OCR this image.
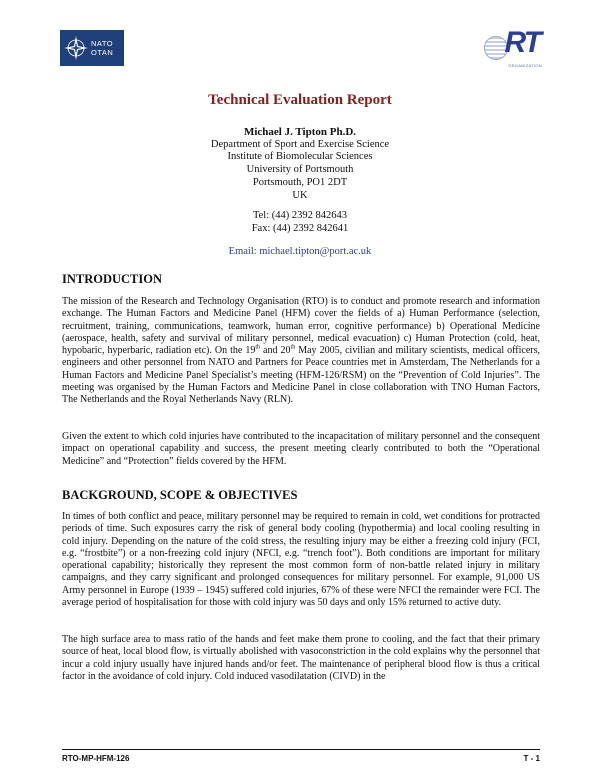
NATO
OTAN	RT
ORGANIZATION
Technical Evaluation Report
Michael J. Tipton Ph.D.
Department of Sport and Exercise Science
Institute of Biomolecular Sciences
University of Portsmouth
Portsmouth, PO1 2DT
UK
Tel: (44) 2392 842643
Fax: (44) 2392 842641
Email: michael.tipton@port.ac.uk
INTRODUCTION

The mission of the Research and Technology Organisation (RTO) is to conduct and promote research and information exchange. The Human Factors and Medicine Panel (HFM) cover the fields of a) Human Performance (selection, recruitment, training, communications, teamwork, human error, cognitive performance) b) Operational Medicine (aerospace, health, safety and survival of military personnel, medical evacuation) c) Human Protection (cold, heat, hypobaric, hyperbaric, radiation etc). On the 19th and 20th May 2005, civilian and military scientists, medical officers, engineers and other personnel from NATO and Partners for Peace countries met in Amsterdam, The Netherlands for a Human Factors and Medicine Panel Specialist’s meeting (HFM-126/RSM) on the “Prevention of Cold Injuries”. The meeting was organised by the Human Factors and Medicine Panel in close collaboration with TNO Human Factors, The Netherlands and the Royal Netherlands Navy (RLN).

Given the extent to which cold injuries have contributed to the incapacitation of military personnel and the consequent impact on operational capability and success, the present meeting clearly contributed to both the “Operational Medicine” and “Protection” fields covered by the HFM.

BACKGROUND, SCOPE & OBJECTIVES

In times of both conflict and peace, military personnel may be required to remain in cold, wet conditions for protracted periods of time. Such exposures carry the risk of general body cooling (hypothermia) and local cooling resulting in cold injury. Depending on the nature of the cold stress, the resulting injury may be either a freezing cold injury (FCI, e.g. “frostbite”) or a non-freezing cold injury (NFCI, e.g. “trench foot”). Both conditions are important for military operational capability; historically they represent the most common form of non-battle related injury in military campaigns, and they carry significant and prolonged consequences for military personnel. For example, 91,000 US Army personnel in Europe (1939 – 1945) suffered cold injuries, 67% of these were NFCI the remainder were FCI. The average period of hospitalisation for those with cold injury was 50 days and only 15% returned to active duty.

The high surface area to mass ratio of the hands and feet make them prone to cooling, and the fact that their primary source of heat, local blood flow, is virtually abolished with vasoconstriction in the cold explains why the personnel that incur a cold injury usually have injured hands and/or feet. The maintenance of peripheral blood flow is thus a critical factor in the avoidance of cold injury. Cold induced vasodilatation (CIVD) in the

RTO-MP-HFM-126	T - 1
